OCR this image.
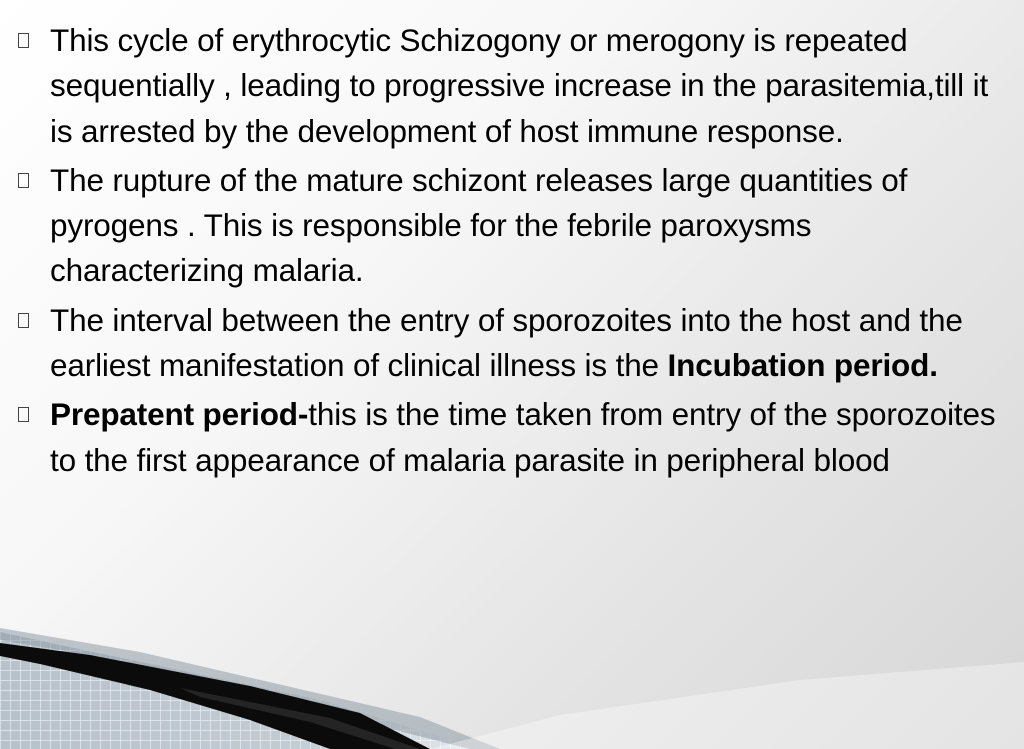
This cycle of erythrocytic Schizogony or merogony is repeated sequentially , leading to progressive increase in the parasitemia,till it is arrested by the development of host immune response.
The rupture of the mature schizont releases large quantities of pyrogens . This is responsible for the febrile paroxysms characterizing malaria.
The interval between the entry of sporozoites into the host and the earliest manifestation of clinical illness is the Incubation period.
Prepatent period-this is the time taken from entry of the sporozoites to the first appearance of malaria parasite in peripheral blood
